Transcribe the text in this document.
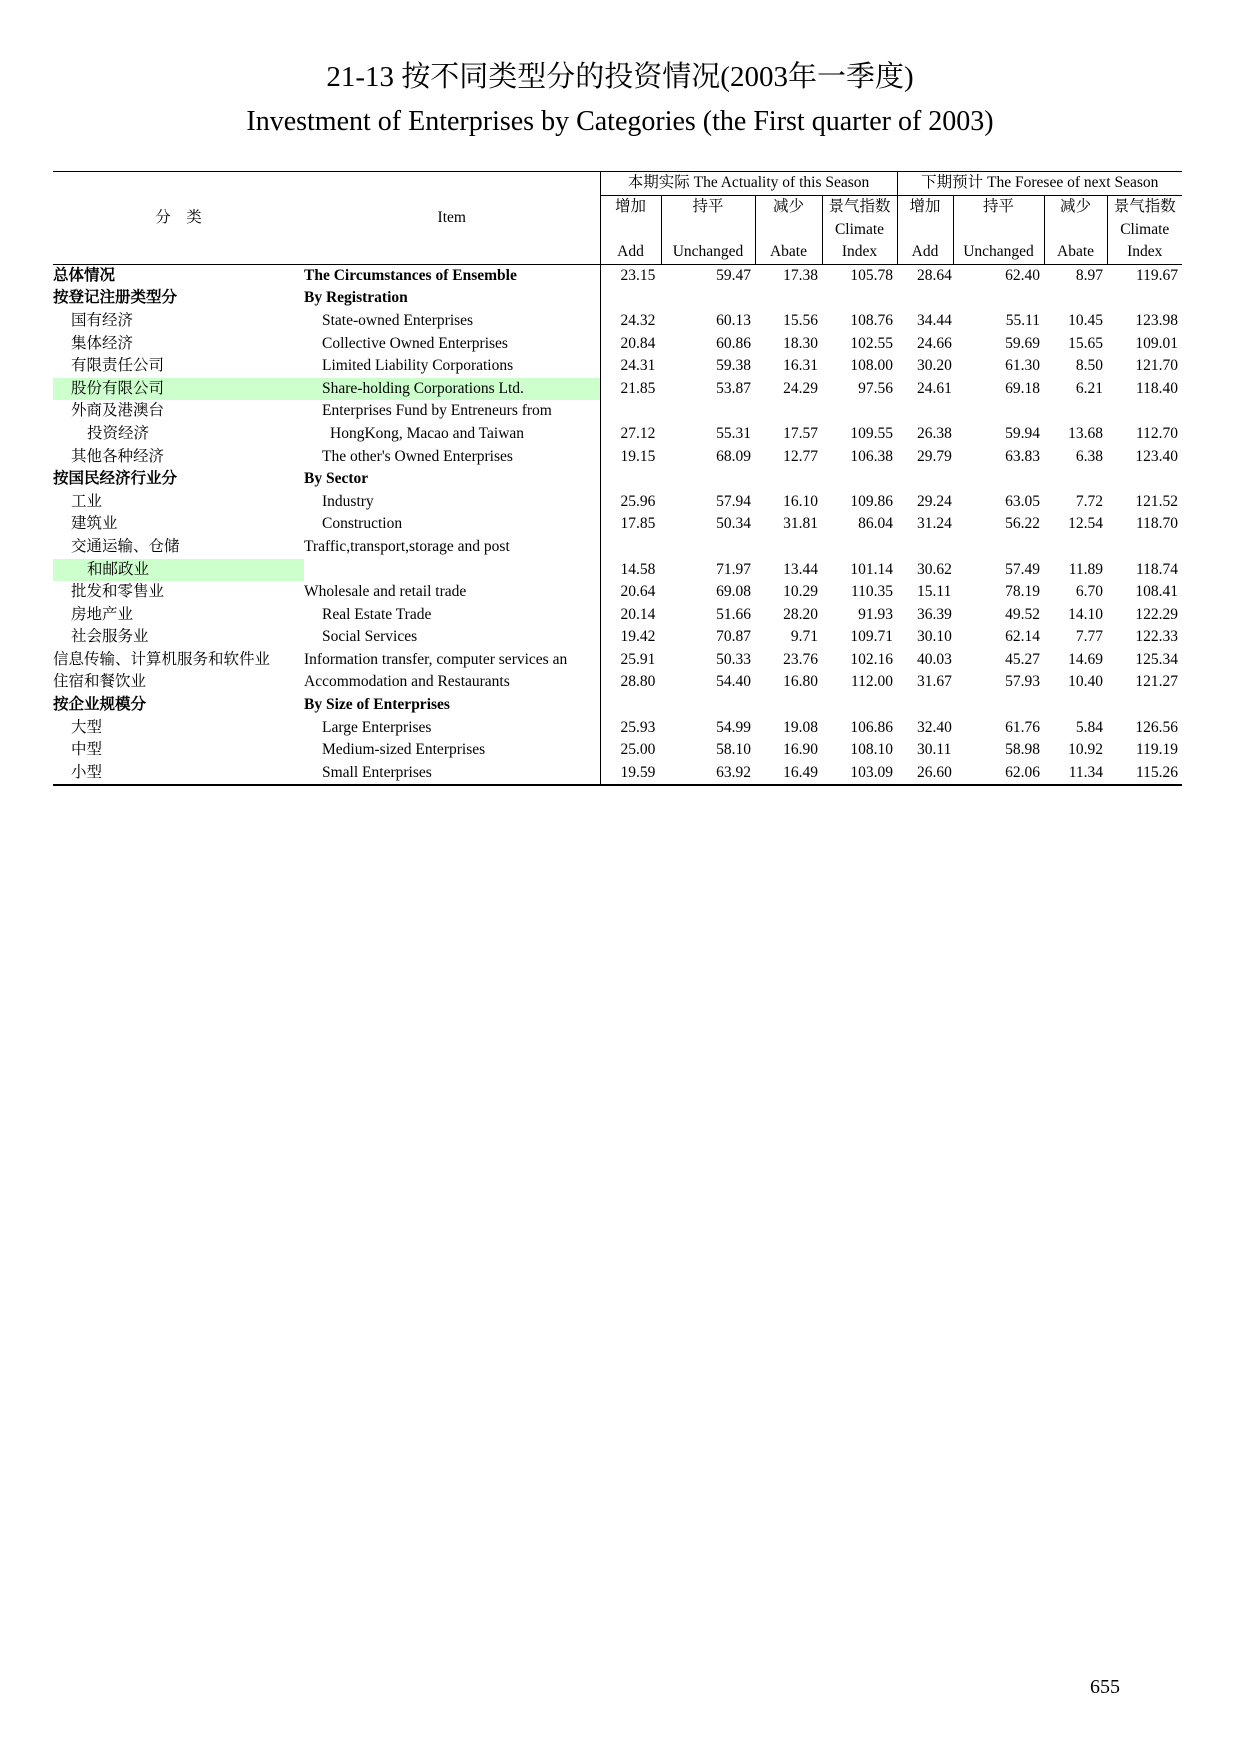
21-13 按不同类型分的投资情况(2003年一季度)
Investment of Enterprises by Categories (the First quarter of 2003)
分　类	Item	本期实际 The Actuality of this Season				下期预计 The Foresee of next Season			
		增加	持平	减少	景气指数	增加	持平	减少	景气指数
					Climate				Climate
		Add	Unchanged	Abate	Index	Add	Unchanged	Abate	Index
总体情况	The Circumstances of Ensemble	23.15	59.47	17.38	105.78	28.64	62.40	8.97	119.67
按登记注册类型分	By Registration								
国有经济	State-owned Enterprises	24.32	60.13	15.56	108.76	34.44	55.11	10.45	123.98
集体经济	Collective Owned Enterprises	20.84	60.86	18.30	102.55	24.66	59.69	15.65	109.01
有限责任公司	Limited Liability Corporations	24.31	59.38	16.31	108.00	30.20	61.30	8.50	121.70
股份有限公司	Share-holding Corporations Ltd.	21.85	53.87	24.29	97.56	24.61	69.18	6.21	118.40
外商及港澳台	Enterprises Fund by Entreneurs from								
投资经济	HongKong, Macao and Taiwan	27.12	55.31	17.57	109.55	26.38	59.94	13.68	112.70
其他各种经济	The other's Owned Enterprises	19.15	68.09	12.77	106.38	29.79	63.83	6.38	123.40
按国民经济行业分	By Sector								
工业	Industry	25.96	57.94	16.10	109.86	29.24	63.05	7.72	121.52
建筑业	Construction	17.85	50.34	31.81	86.04	31.24	56.22	12.54	118.70
交通运输、仓储	Traffic,transport,storage and post								
和邮政业		14.58	71.97	13.44	101.14	30.62	57.49	11.89	118.74
批发和零售业	Wholesale and retail trade	20.64	69.08	10.29	110.35	15.11	78.19	6.70	108.41
房地产业	Real Estate Trade	20.14	51.66	28.20	91.93	36.39	49.52	14.10	122.29
社会服务业	Social Services	19.42	70.87	9.71	109.71	30.10	62.14	7.77	122.33
信息传输、计算机服务和软件业	Information transfer, computer services an	25.91	50.33	23.76	102.16	40.03	45.27	14.69	125.34
住宿和餐饮业	Accommodation and Restaurants	28.80	54.40	16.80	112.00	31.67	57.93	10.40	121.27
按企业规模分	By Size of Enterprises								
大型	Large Enterprises	25.93	54.99	19.08	106.86	32.40	61.76	5.84	126.56
中型	Medium-sized Enterprises	25.00	58.10	16.90	108.10	30.11	58.98	10.92	119.19
小型	Small Enterprises	19.59	63.92	16.49	103.09	26.60	62.06	11.34	115.26
655
